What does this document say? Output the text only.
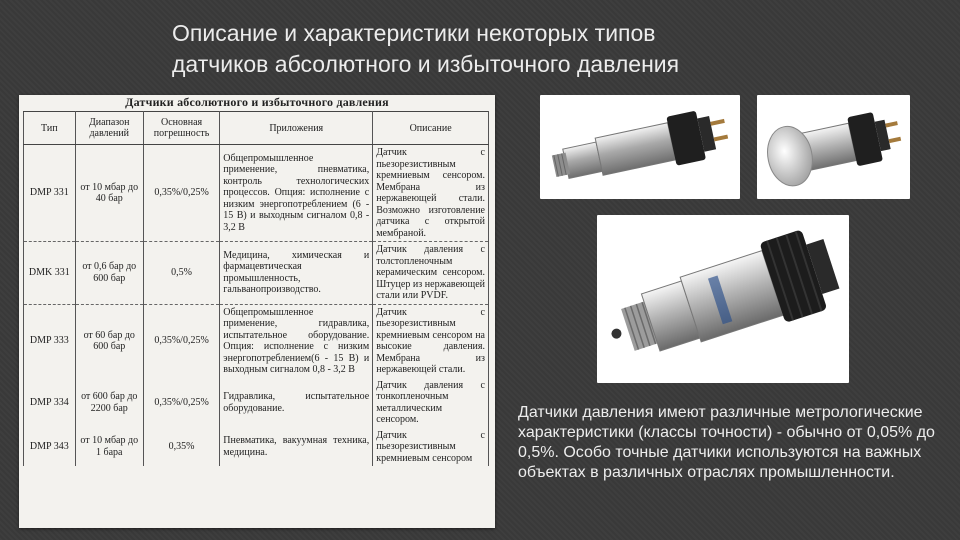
Описание и характеристики некоторых типов
датчиков абсолютного и избыточного давления
Датчики абсолютного и избыточного давления
Тип	Диапазон давлений	Основная погрешность	Приложения	Описание
DMP 331	от 10 мбар до 40 бар	0,35%/0,25%	Общепромышленное применение, пневматика, контроль технологических процессов. Опция: исполнение с низким энергопотреблением (6 - 15 В) и выходным сигналом 0,8 - 3,2 В	Датчик с пьезорезистивным кремниевым сенсором. Мембрана из нержавеющей стали. Возможно изготовление датчика с открытой мембраной.
DMK 331	от 0,6 бар до 600 бар	0,5%	Медицина, химическая и фармацевтическая промышленность, гальванопроизводство.	Датчик давления с толстопленочным керамическим сенсором. Штуцер из нержавеющей стали или PVDF.
DMP 333	от 60 бар до 600 бар	0,35%/0,25%	Общепромышленное применение, гидравлика, испытательное оборудование. Опция: исполнение с низким энергопотреблением(6 - 15 В) и выходным сигналом 0,8 - 3,2 В	Датчик с пьезорезистивным кремниевым сенсором на высокие давления. Мембрана из нержавеющей стали.
DMP 334	от 600 бар до 2200 бар	0,35%/0,25%	Гидравлика, испытательное оборудование.	Датчик давления с тонкопленочным металлическим сенсором.
DMP 343	от 10 мбар до 1 бара	0,35%	Пневматика, вакуумная техника, медицина.	Датчик с пьезорезистивным кремниевым сенсором
Датчики давления имеют различные метрологические характеристики (классы точности) - обычно от 0,05% до 0,5%. Особо точные датчики используются на важных объектах в различных отраслях промышленности.
